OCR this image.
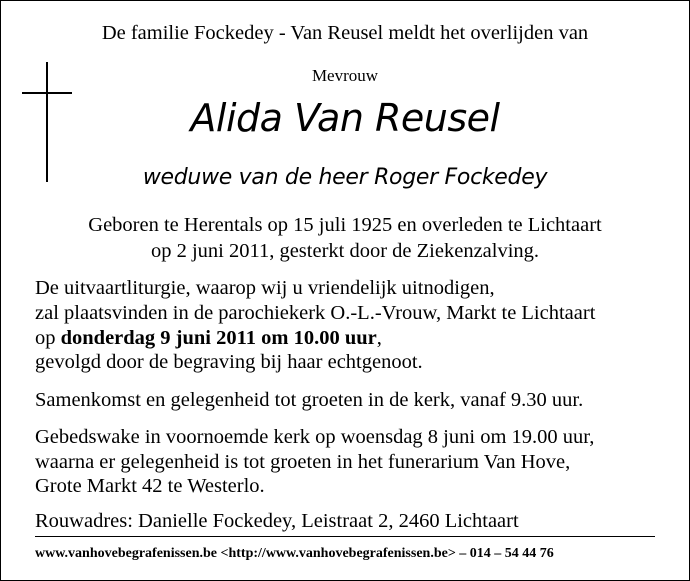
De familie Fockedey - Van Reusel meldt het overlijden van
Mevrouw
Alida Van Reusel
weduwe van de heer Roger Fockedey
Geboren te Herentals op 15 juli 1925 en overleden te Lichtaart
op 2 juni 2011, gesterkt door de Ziekenzalving.
De uitvaartliturgie, waarop wij u vriendelijk uitnodigen,
zal plaatsvinden in de parochiekerk O.-L.-Vrouw, Markt te Lichtaart
op donderdag 9 juni 2011 om 10.00 uur,
gevolgd door de begraving bij haar echtgenoot.
Samenkomst en gelegenheid tot groeten in de kerk, vanaf 9.30 uur.
Gebedswake in voornoemde kerk op woensdag 8 juni om 19.00 uur,
waarna er gelegenheid is tot groeten in het funerarium Van Hove,
Grote Markt 42 te Westerlo.
Rouwadres: Danielle Fockedey, Leistraat 2, 2460 Lichtaart
www.vanhovebegrafenissen.be <http://www.vanhovebegrafenissen.be> – 014 – 54 44 76
